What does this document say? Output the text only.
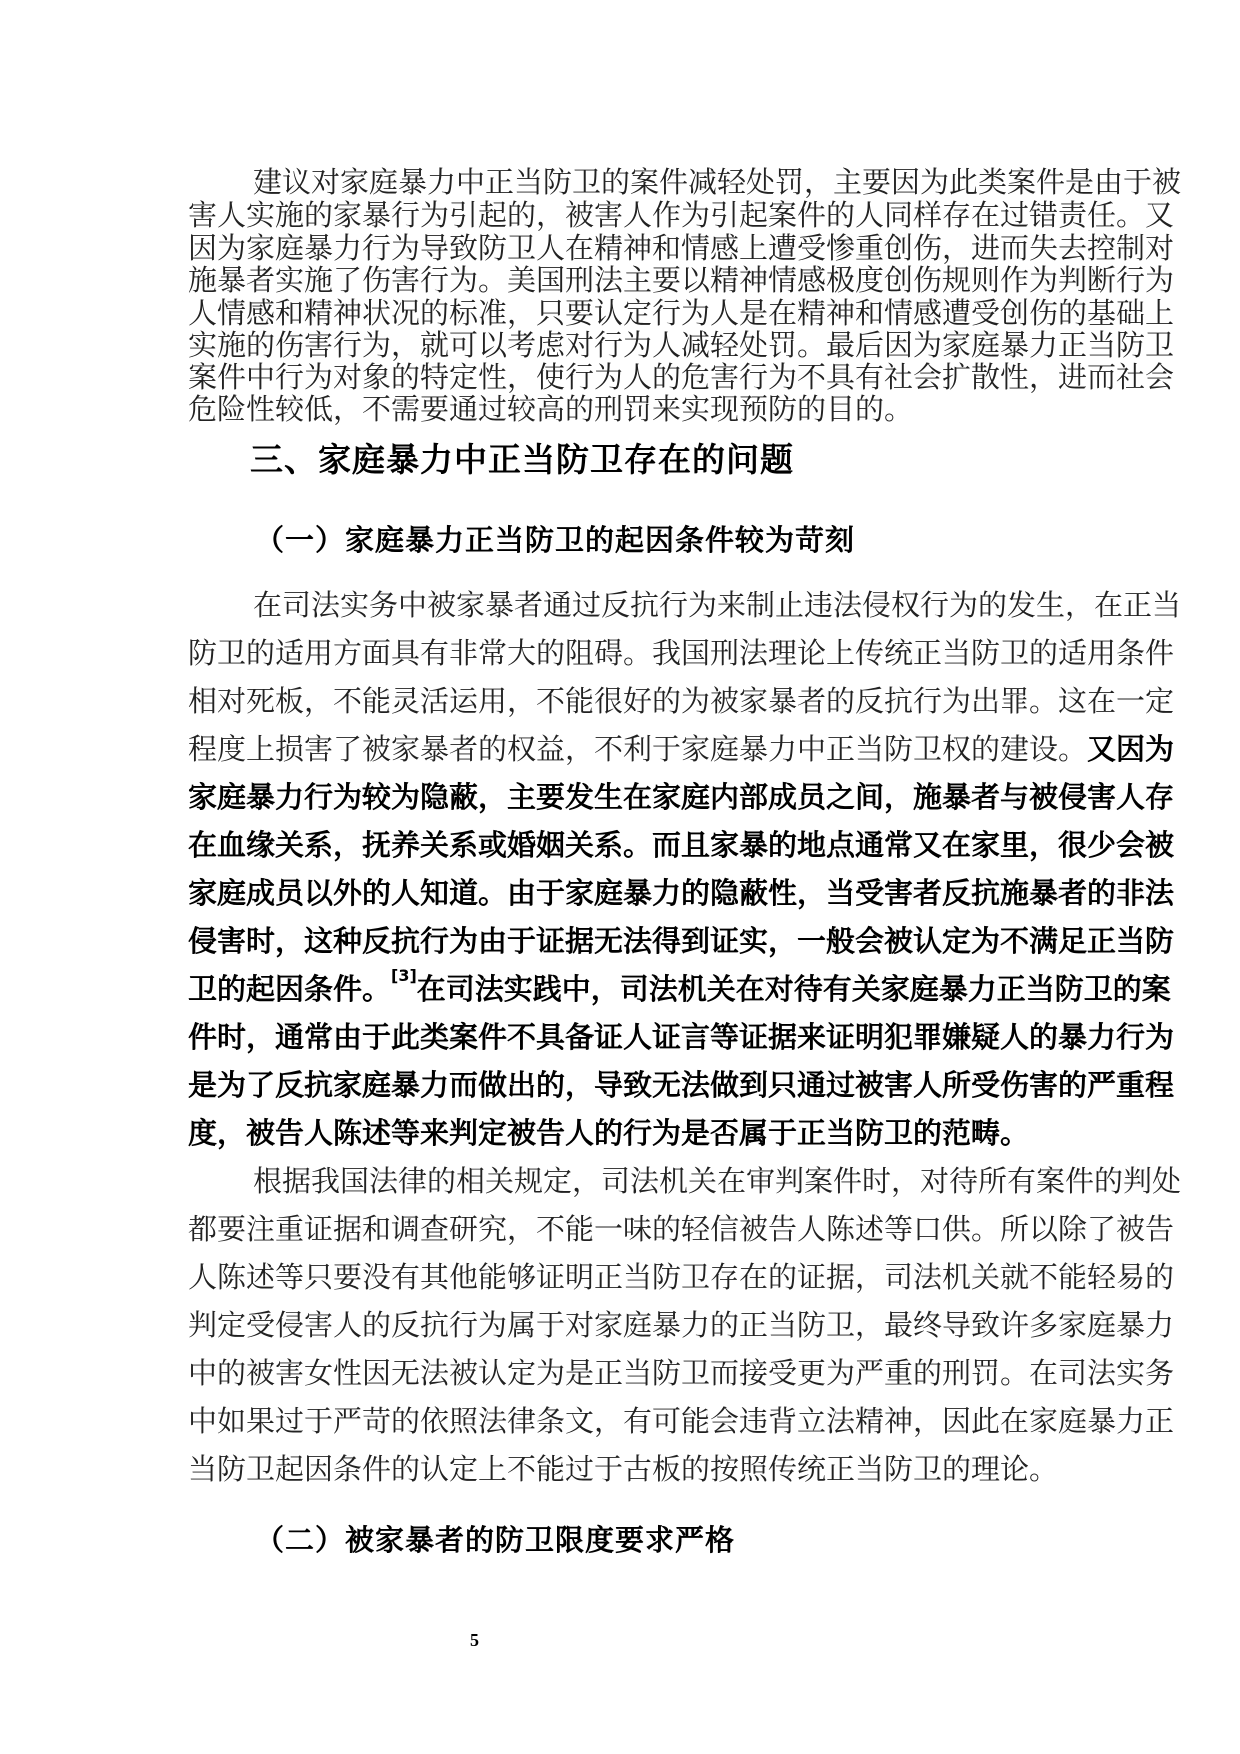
建议对家庭暴力中正当防卫的案件减轻处罚，主要因为此类案件是由于被
害人实施的家暴行为引起的，被害人作为引起案件的人同样存在过错责任。又
因为家庭暴力行为导致防卫人在精神和情感上遭受惨重创伤，进而失去控制对
施暴者实施了伤害行为。美国刑法主要以精神情感极度创伤规则作为判断行为
人情感和精神状况的标准，只要认定行为人是在精神和情感遭受创伤的基础上
实施的伤害行为，就可以考虑对行为人减轻处罚。最后因为家庭暴力正当防卫
案件中行为对象的特定性，使行为人的危害行为不具有社会扩散性，进而社会
危险性较低，不需要通过较高的刑罚来实现预防的目的。
三、家庭暴力中正当防卫存在的问题
（一）家庭暴力正当防卫的起因条件较为苛刻
在司法实务中被家暴者通过反抗行为来制止违法侵权行为的发生，在正当
防卫的适用方面具有非常大的阻碍。我国刑法理论上传统正当防卫的适用条件
相对死板，不能灵活运用，不能很好的为被家暴者的反抗行为出罪。这在一定
程度上损害了被家暴者的权益，不利于家庭暴力中正当防卫权的建设。又因为
家庭暴力行为较为隐蔽，主要发生在家庭内部成员之间，施暴者与被侵害人存
在血缘关系，抚养关系或婚姻关系。而且家暴的地点通常又在家里，很少会被
家庭成员以外的人知道。由于家庭暴力的隐蔽性，当受害者反抗施暴者的非法
侵害时，这种反抗行为由于证据无法得到证实，一般会被认定为不满足正当防
卫的起因条件。[3]在司法实践中，司法机关在对待有关家庭暴力正当防卫的案
件时，通常由于此类案件不具备证人证言等证据来证明犯罪嫌疑人的暴力行为
是为了反抗家庭暴力而做出的，导致无法做到只通过被害人所受伤害的严重程
度，被告人陈述等来判定被告人的行为是否属于正当防卫的范畴。
根据我国法律的相关规定，司法机关在审判案件时，对待所有案件的判处
都要注重证据和调查研究，不能一味的轻信被告人陈述等口供。所以除了被告
人陈述等只要没有其他能够证明正当防卫存在的证据，司法机关就不能轻易的
判定受侵害人的反抗行为属于对家庭暴力的正当防卫，最终导致许多家庭暴力
中的被害女性因无法被认定为是正当防卫而接受更为严重的刑罚。在司法实务
中如果过于严苛的依照法律条文，有可能会违背立法精神，因此在家庭暴力正
当防卫起因条件的认定上不能过于古板的按照传统正当防卫的理论。
（二）被家暴者的防卫限度要求严格
5
